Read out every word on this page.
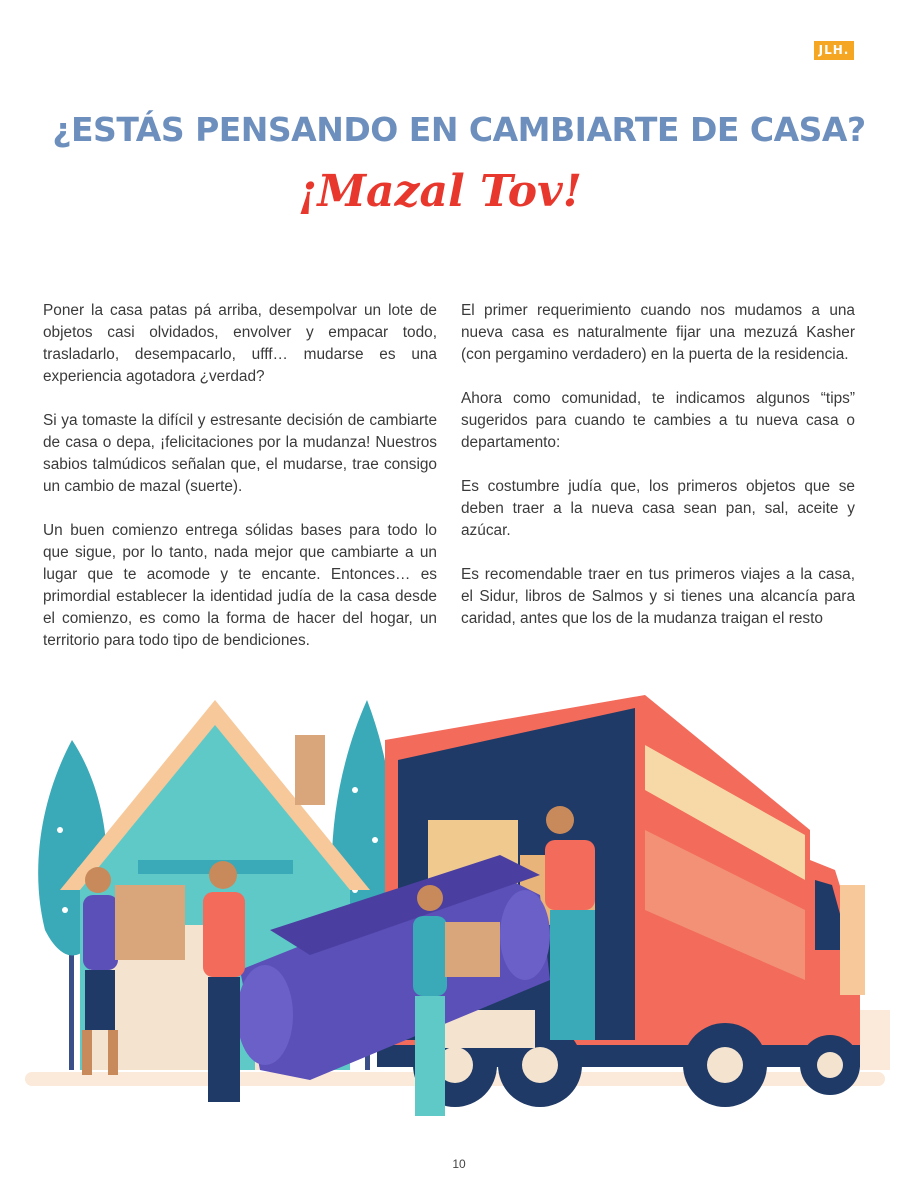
JLH.
¿ESTÁS PENSANDO EN CAMBIARTE DE CASA?
¡Mazal Tov!

Poner la casa patas pá arriba, desempolvar un lote de objetos casi olvidados, envolver y empacar todo, trasladarlo, desempacarlo, ufff… mudarse es una experiencia agotadora ¿verdad?

Si ya tomaste la difícil y estresante decisión de cambiarte de casa o depa, ¡felicitaciones por la mudanza! Nuestros sabios talmúdicos señalan que, el mudarse, trae consigo un cambio de mazal (suerte).

Un buen comienzo entrega sólidas bases para todo lo que sigue, por lo tanto, nada mejor que cambiarte a un lugar que te acomode y te encante. Entonces… es primordial establecer la identidad judía de la casa desde el comienzo, es como la forma de hacer del hogar, un territorio para todo tipo de bendiciones.

El primer requerimiento cuando nos mudamos a una nueva casa es naturalmente fijar una mezuzá Kasher (con pergamino verdadero) en la puerta de la residencia.

Ahora como comunidad, te indicamos algunos “tips” sugeridos para cuando te cambies a tu nueva casa o departamento:

Es costumbre judía que, los primeros objetos que se deben traer a la nueva casa sean pan, sal, aceite y azúcar.

Es recomendable traer en tus primeros viajes a la casa, el Sidur, libros de Salmos y si tienes una alcancía para caridad, antes que los de la mudanza traigan el resto

10
